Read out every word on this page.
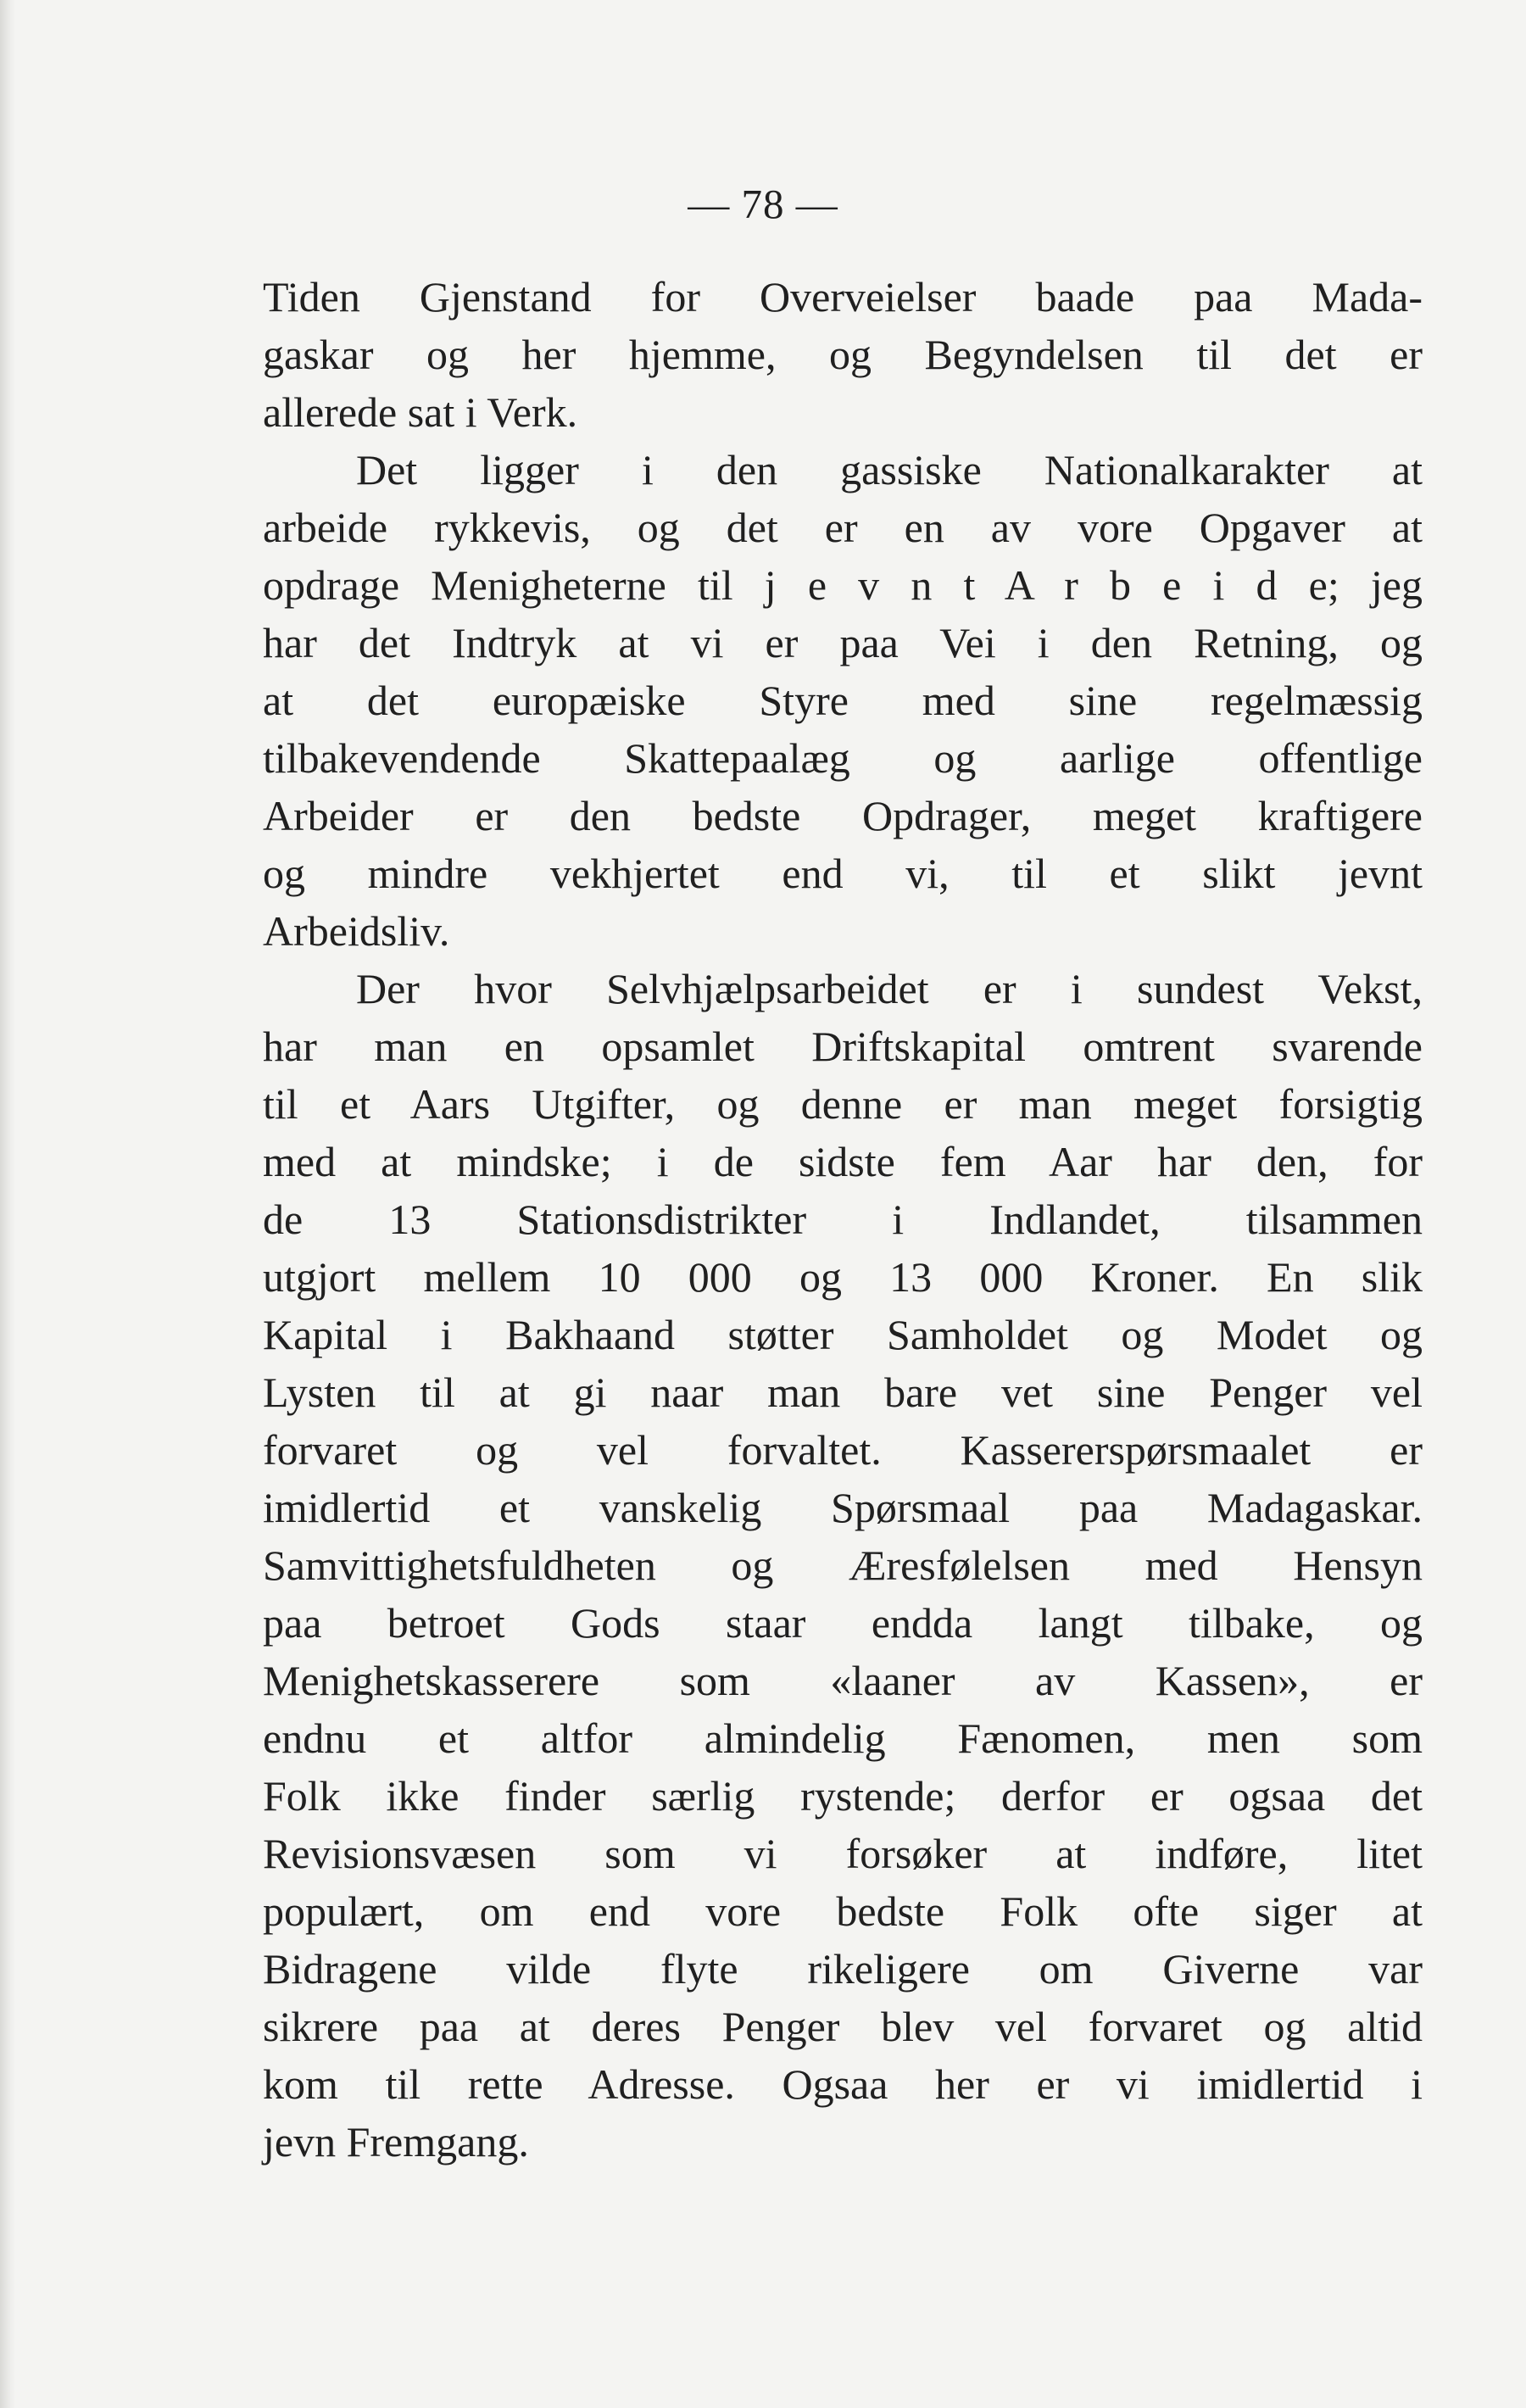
— 78 —
Tiden Gjenstand for Overveielser baade paa Mada-
gaskar og her hjemme, og Begyndelsen til det er
allerede sat i Verk.
Det ligger i den gassiske Nationalkarakter at
arbeide rykkevis, og det er en av vore Opgaver at
opdrage Menigheterne til j e v n t A r b e i d e; jeg
har det Indtryk at vi er paa Vei i den Retning, og
at det europæiske Styre med sine regelmæssig
tilbakevendende Skattepaalæg og aarlige offentlige
Arbeider er den bedste Opdrager, meget kraftigere
og mindre vekhjertet end vi, til et slikt jevnt
Arbeidsliv.
Der hvor Selvhjælpsarbeidet er i sundest Vekst,
har man en opsamlet Driftskapital omtrent svarende
til et Aars Utgifter, og denne er man meget forsigtig
med at mindske; i de sidste fem Aar har den, for
de 13 Stationsdistrikter i Indlandet, tilsammen
utgjort mellem 10 000 og 13 000 Kroner. En slik
Kapital i Bakhaand støtter Samholdet og Modet og
Lysten til at gi naar man bare vet sine Penger vel
forvaret og vel forvaltet. Kassererspørsmaalet er
imidlertid et vanskelig Spørsmaal paa Madagaskar.
Samvittighetsfuldheten og Æresfølelsen med Hensyn
paa betroet Gods staar endda langt tilbake, og
Menighetskasserere som «laaner av Kassen», er
endnu et altfor almindelig Fænomen, men som
Folk ikke finder særlig rystende; derfor er ogsaa det
Revisionsvæsen som vi forsøker at indføre, litet
populært, om end vore bedste Folk ofte siger at
Bidragene vilde flyte rikeligere om Giverne var
sikrere paa at deres Penger blev vel forvaret og altid
kom til rette Adresse. Ogsaa her er vi imidlertid i
jevn Fremgang.
